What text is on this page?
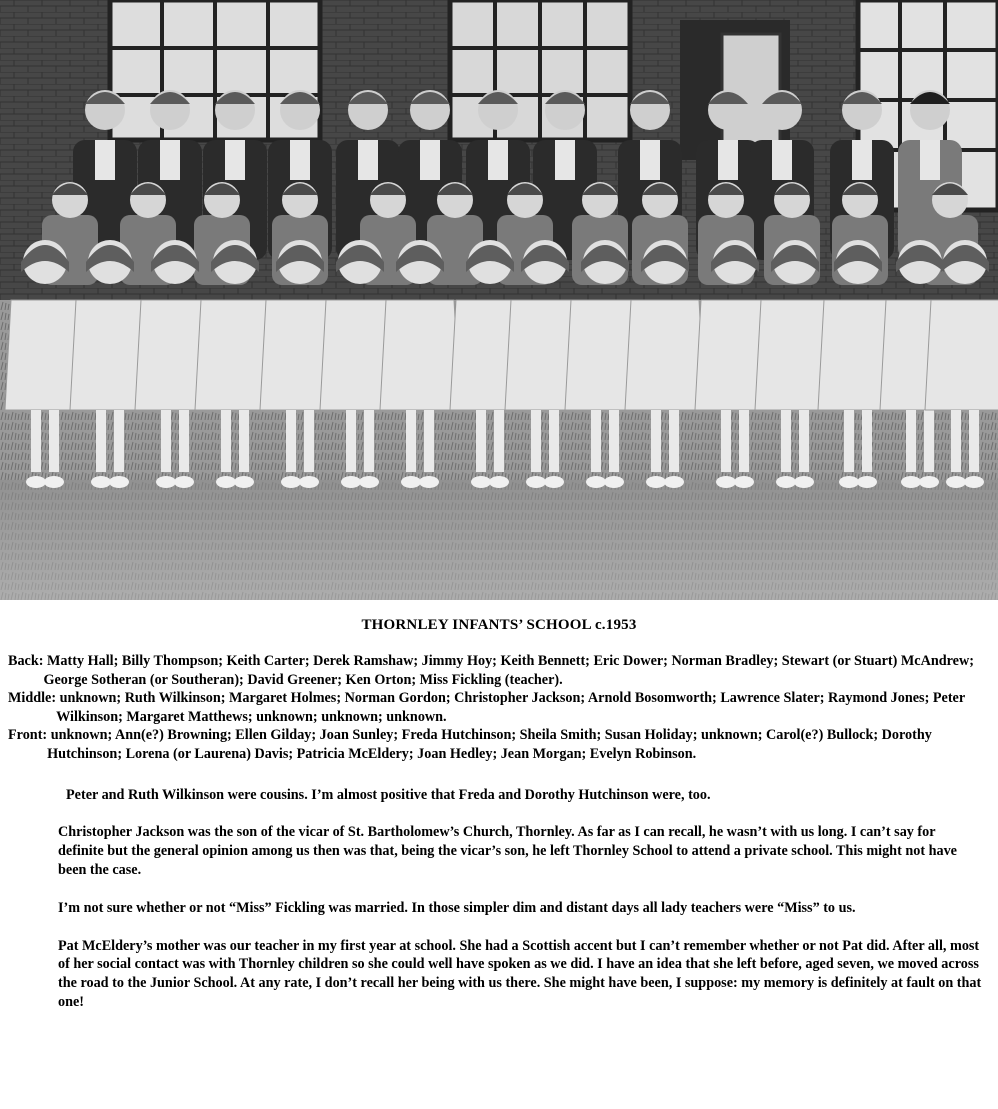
THORNLEY INFANTS’ SCHOOL c.1953

Back: Matty Hall; Billy Thompson; Keith Carter; Derek Ramshaw; Jimmy Hoy; Keith Bennett; Eric Dower; Norman Bradley; Stewart (or Stuart) McAndrew; George Sotheran (or Southeran); David Greener; Ken Orton; Miss Fickling (teacher).
Middle: unknown; Ruth Wilkinson; Margaret Holmes; Norman Gordon; Christopher Jackson; Arnold Bosomworth; Lawrence Slater; Raymond Jones; Peter Wilkinson; Margaret Matthews; unknown; unknown; unknown.
Front: unknown; Ann(e?) Browning; Ellen Gilday; Joan Sunley; Freda Hutchinson; Sheila Smith; Susan Holiday; unknown; Carol(e?) Bullock; Dorothy Hutchinson; Lorena (or Laurena) Davis; Patricia McEldery; Joan Hedley; Jean Morgan; Evelyn Robinson.

Peter and Ruth Wilkinson were cousins. I’m almost positive that Freda and Dorothy Hutchinson were, too.

Christopher Jackson was the son of the vicar of St. Bartholomew’s Church, Thornley. As far as I can recall, he wasn’t with us long. I can’t say for definite but the general opinion among us then was that, being the vicar’s son, he left Thornley School to attend a private school. This might not have been the case.

I’m not sure whether or not “Miss” Fickling was married. In those simpler dim and distant days all lady teachers were “Miss” to us.

Pat McEldery’s mother was our teacher in my first year at school. She had a Scottish accent but I can’t remember whether or not Pat did. After all, most of her social contact was with Thornley children so she could well have spoken as we did. I have an idea that she left before, aged seven, we moved across the road to the Junior School. At any rate, I don’t recall her being with us there. She might have been, I suppose: my memory is definitely at fault on that one!
